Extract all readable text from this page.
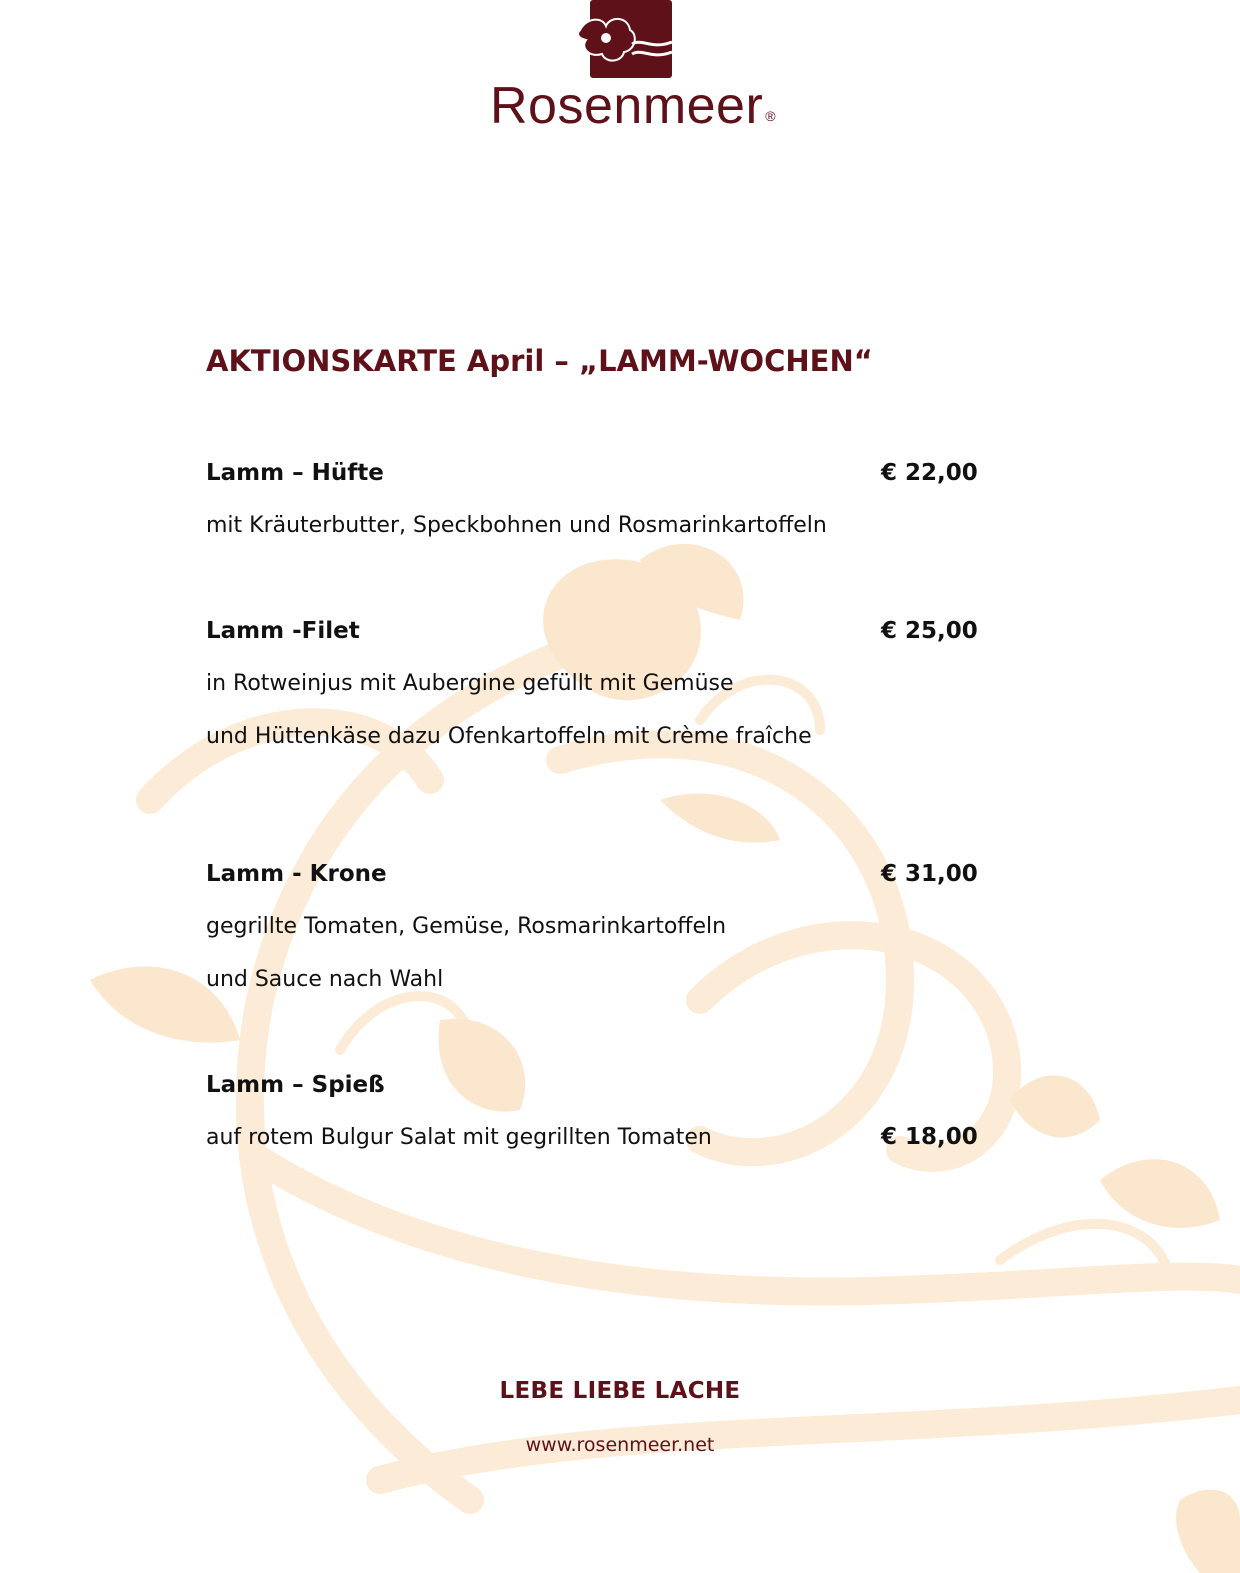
Rosenmeer ®
AKTIONSKARTE April – „LAMM-WOCHEN“
Lamm – Hüfte	€ 22,00
mit Kräuterbutter, Speckbohnen und Rosmarinkartoffeln
Lamm -Filet	€ 25,00
in Rotweinjus mit Aubergine gefüllt mit Gemüse
und Hüttenkäse dazu Ofenkartoffeln mit Crème fraîche
Lamm - Krone	€ 31,00
gegrillte Tomaten, Gemüse, Rosmarinkartoffeln
und Sauce nach Wahl
Lamm – Spieß
auf rotem Bulgur Salat mit gegrillten Tomaten	€ 18,00
LEBE LIEBE LACHE
www.rosenmeer.net
